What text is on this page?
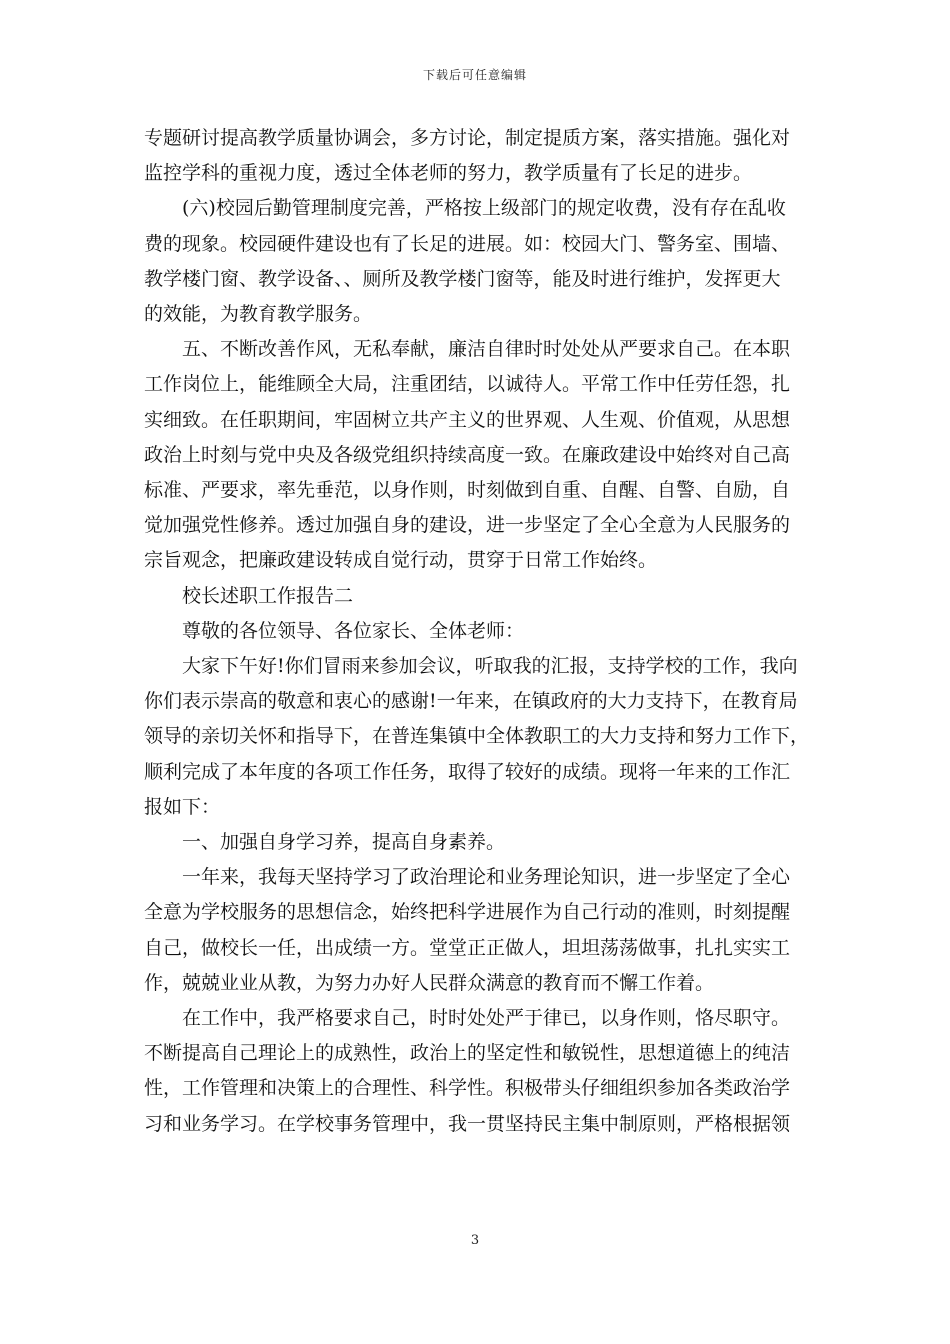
下载后可任意编辑

专题研讨提高教学质量协调会，多方讨论，制定提质方案，落实措施。强化对
监控学科的重视力度，透过全体老师的努力，教学质量有了长足的进步。

(六)校园后勤管理制度完善，严格按上级部门的规定收费，没有存在乱收
费的现象。校园硬件建设也有了长足的进展。如：校园大门、警务室、围墙、
教学楼门窗、教学设备、、厕所及教学楼门窗等，能及时进行维护，发挥更大
的效能，为教育教学服务。

五、不断改善作风，无私奉献，廉洁自律时时处处从严要求自己。在本职
工作岗位上，能维顾全大局，注重团结，以诚待人。平常工作中任劳任怨，扎
实细致。在任职期间，牢固树立共产主义的世界观、人生观、价值观，从思想
政治上时刻与党中央及各级党组织持续高度一致。在廉政建设中始终对自己高
标准、严要求，率先垂范，以身作则，时刻做到自重、自醒、自警、自励，自
觉加强党性修养。透过加强自身的建设，进一步坚定了全心全意为人民服务的
宗旨观念，把廉政建设转成自觉行动，贯穿于日常工作始终。

校长述职工作报告二

尊敬的各位领导、各位家长、全体老师：

大家下午好!你们冒雨来参加会议，听取我的汇报，支持学校的工作，我向
你们表示崇高的敬意和衷心的感谢!一年来，在镇政府的大力支持下，在教育局
领导的亲切关怀和指导下，在普连集镇中全体教职工的大力支持和努力工作下，
顺利完成了本年度的各项工作任务，取得了较好的成绩。现将一年来的工作汇
报如下：

一、加强自身学习养，提高自身素养。

一年来，我每天坚持学习了政治理论和业务理论知识，进一步坚定了全心
全意为学校服务的思想信念，始终把科学进展作为自己行动的准则，时刻提醒
自己，做校长一任，出成绩一方。堂堂正正做人，坦坦荡荡做事，扎扎实实工
作，兢兢业业从教，为努力办好人民群众满意的教育而不懈工作着。

在工作中，我严格要求自己，时时处处严于律已，以身作则，恪尽职守。
不断提高自己理论上的成熟性，政治上的坚定性和敏锐性，思想道德上的纯洁
性，工作管理和决策上的合理性、科学性。积极带头仔细组织参加各类政治学
习和业务学习。在学校事务管理中，我一贯坚持民主集中制原则，严格根据领

3
